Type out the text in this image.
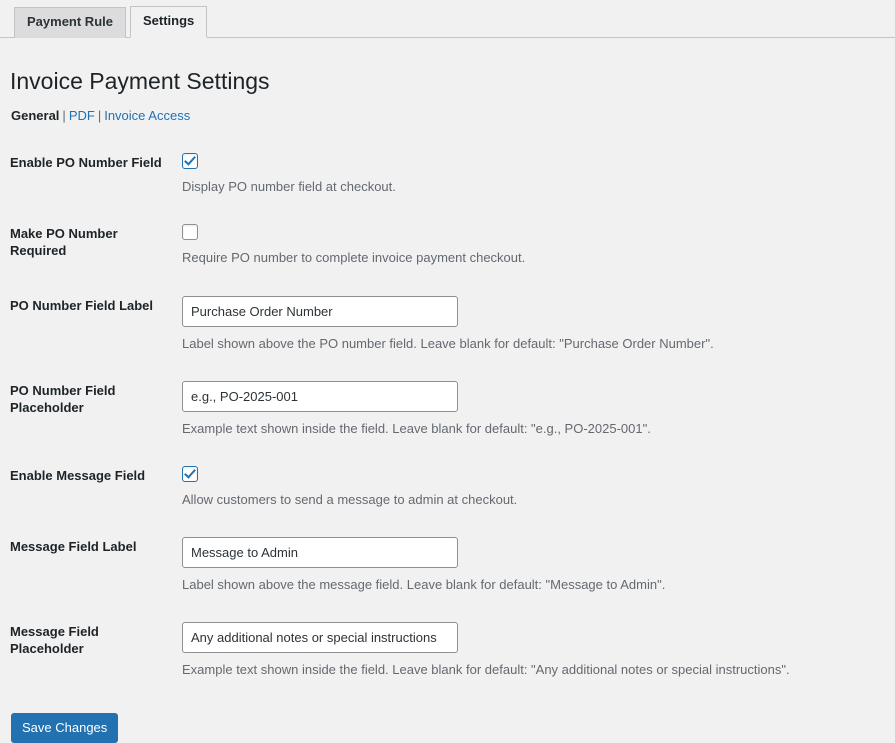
Payment Rule	Settings
Invoice Payment Settings
General | PDF | Invoice Access
Enable PO Number Field	Display PO number field at checkout.

Make PO Number Required	Require PO number to complete invoice payment checkout.

PO Number Field Label	Purchase Order Number
Label shown above the PO number field. Leave blank for default: "Purchase Order Number".

PO Number Field Placeholder	e.g., PO-2025-001
Example text shown inside the field. Leave blank for default: "e.g., PO-2025-001".

Enable Message Field	Allow customers to send a message to admin at checkout.

Message Field Label	Message to Admin
Label shown above the message field. Leave blank for default: "Message to Admin".

Message Field Placeholder	Any additional notes or special instructions
Example text shown inside the field. Leave blank for default: "Any additional notes or special instructions".
Save Changes
